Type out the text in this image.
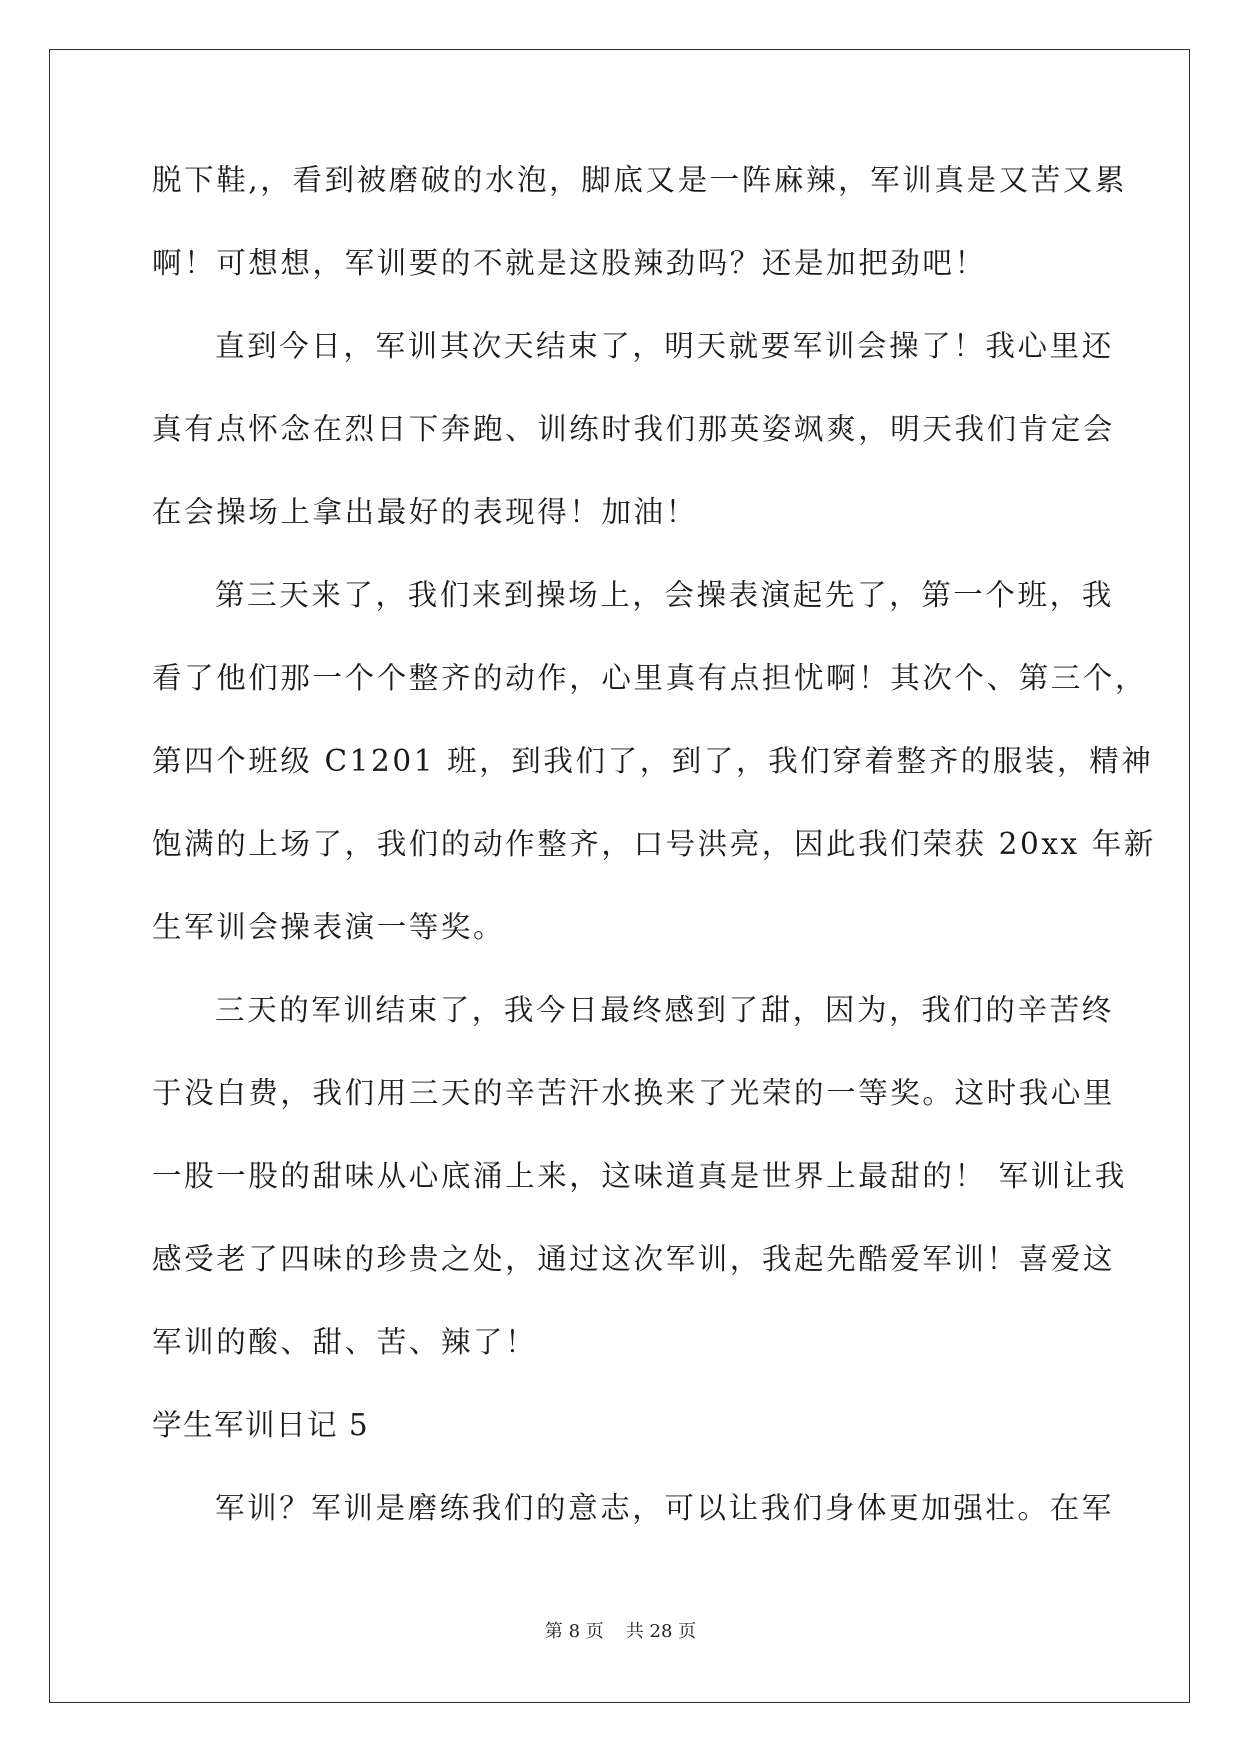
脱下鞋,，看到被磨破的水泡，脚底又是一阵麻辣，军训真是又苦又累
啊！可想想，军训要的不就是这股辣劲吗？还是加把劲吧！
直到今日，军训其次天结束了，明天就要军训会操了！我心里还
真有点怀念在烈日下奔跑、训练时我们那英姿飒爽，明天我们肯定会
在会操场上拿出最好的表现得！加油！
第三天来了，我们来到操场上，会操表演起先了，第一个班，我
看了他们那一个个整齐的动作，心里真有点担忧啊！其次个、第三个，
第四个班级 C1201 班，到我们了，到了，我们穿着整齐的服装，精神
饱满的上场了，我们的动作整齐，口号洪亮，因此我们荣获 20xx 年新
生军训会操表演一等奖。
三天的军训结束了，我今日最终感到了甜，因为，我们的辛苦终
于没白费，我们用三天的辛苦汗水换来了光荣的一等奖。这时我心里
一股一股的甜味从心底涌上来，这味道真是世界上最甜的！ 军训让我
感受老了四味的珍贵之处，通过这次军训，我起先酷爱军训！喜爱这
军训的酸、甜、苦、辣了！
学生军训日记 5
军训？军训是磨练我们的意志，可以让我们身体更加强壮。在军
第 8 页 共 28 页
